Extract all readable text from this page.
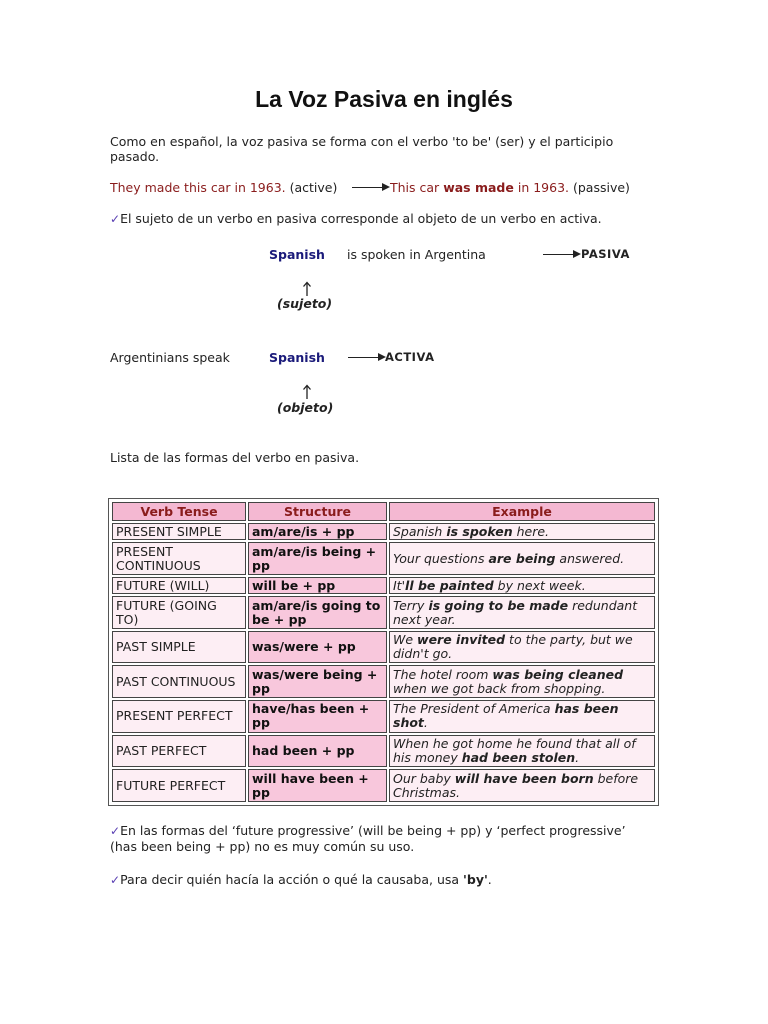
La Voz Pasiva en inglés
Como en español, la voz pasiva se forma con el verbo 'to be' (ser) y el participio
pasado.
They made this car in 1963. (active)	This car was made in 1963. (passive)
✓El sujeto de un verbo en pasiva corresponde al objeto de un verbo en activa.
Spanish is spoken in Argentina	PASIVA
(sujeto)
Argentinians speak	Spanish	ACTIVA
(objeto)
Lista de las formas del verbo en pasiva.
Verb Tense	Structure	Example
PRESENT SIMPLE	am/are/is + pp	Spanish is spoken here.
PRESENT CONTINUOUS	am/are/is being + pp	Your questions are being answered.
FUTURE (WILL)	will be + pp	It'll be painted by next week.
FUTURE (GOING TO)	am/are/is going to be + pp	Terry is going to be made redundant next year.
PAST SIMPLE	was/were + pp	We were invited to the party, but we didn't go.
PAST CONTINUOUS	was/were being + pp	The hotel room was being cleaned when we got back from shopping.
PRESENT PERFECT	have/has been + pp	The President of America has been shot.
PAST PERFECT	had been + pp	When he got home he found that all of his money had been stolen.
FUTURE PERFECT	will have been + pp	Our baby will have been born before Christmas.
✓En las formas del ‘future progressive’ (will be being + pp) y ‘perfect progressive’
(has been being + pp) no es muy común su uso.
✓Para decir quién hacía la acción o qué la causaba, usa 'by'.
